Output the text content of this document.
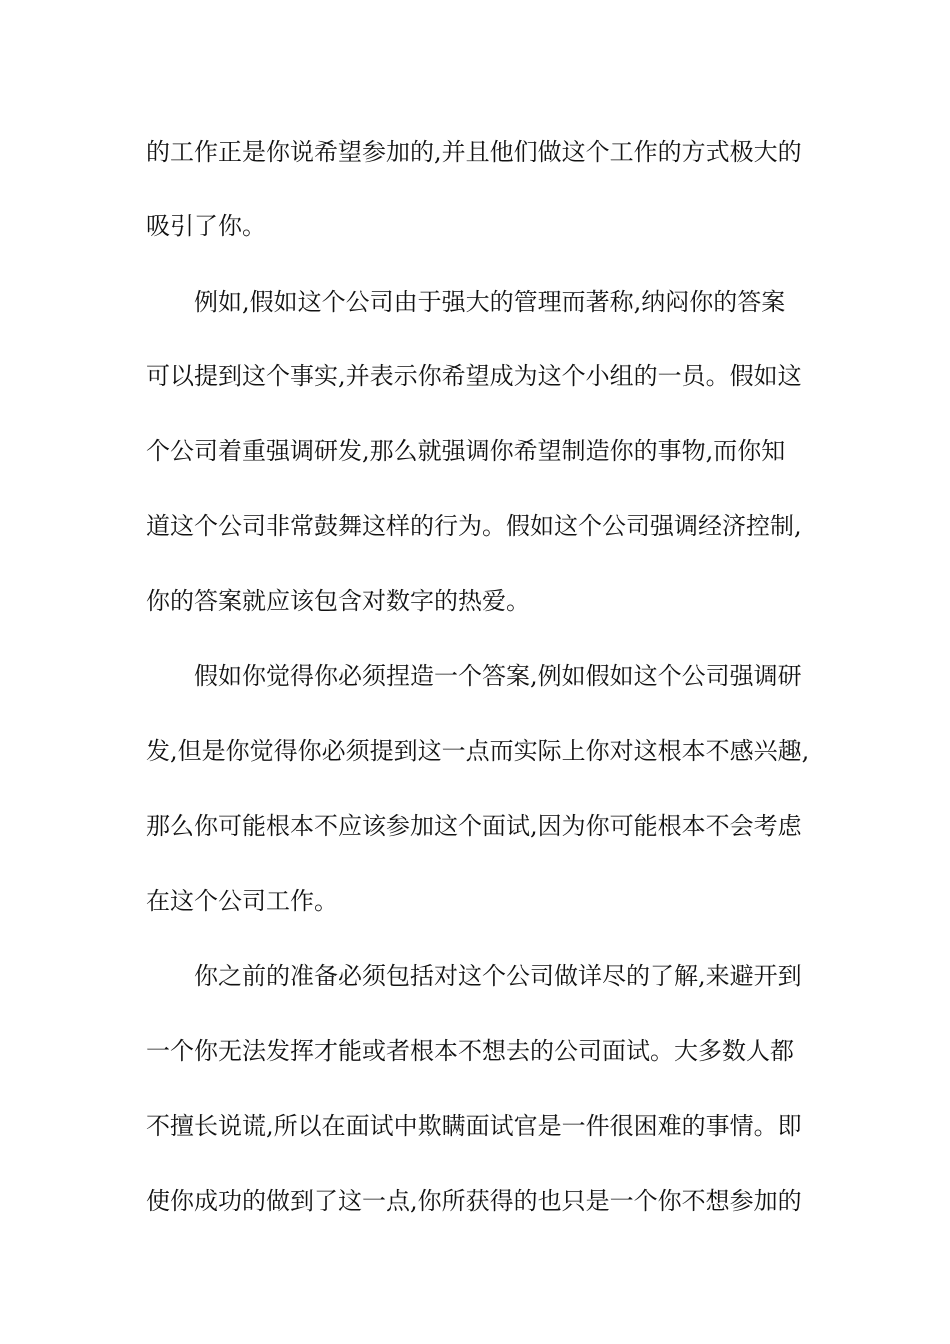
的工作正是你说希望参加的,并且他们做这个工作的方式极大的
吸引了你。
例如,假如这个公司由于强大的管理而著称,纳闷你的答案
可以提到这个事实,并表示你希望成为这个小组的一员。假如这
个公司着重强调研发,那么就强调你希望制造你的事物,而你知
道这个公司非常鼓舞这样的行为。假如这个公司强调经济控制,
你的答案就应该包含对数字的热爱。
假如你觉得你必须捏造一个答案,例如假如这个公司强调研
发,但是你觉得你必须提到这一点而实际上你对这根本不感兴趣,
那么你可能根本不应该参加这个面试,因为你可能根本不会考虑
在这个公司工作。
你之前的准备必须包括对这个公司做详尽的了解,来避开到
一个你无法发挥才能或者根本不想去的公司面试。大多数人都
不擅长说谎,所以在面试中欺瞒面试官是一件很困难的事情。即
使你成功的做到了这一点,你所获得的也只是一个你不想参加的
